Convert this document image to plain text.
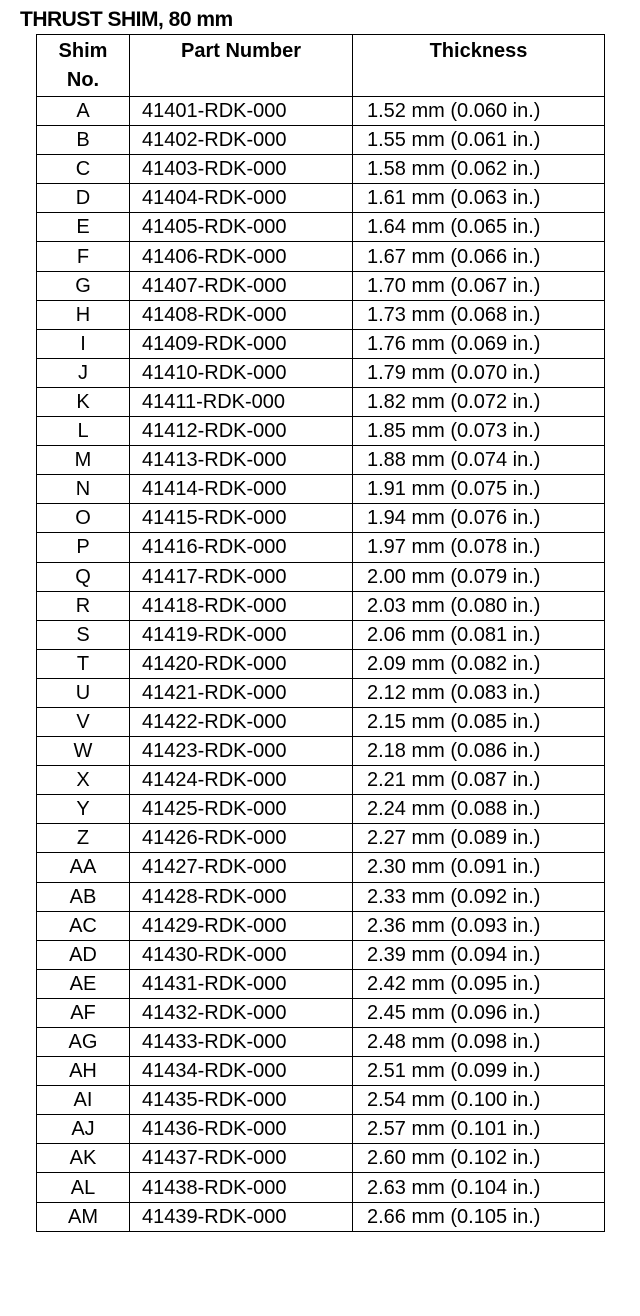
THRUST SHIM, 80 mm
Shim
No.	Part Number	Thickness

A	41401-RDK-000	1.52 mm (0.060 in.)
B	41402-RDK-000	1.55 mm (0.061 in.)
C	41403-RDK-000	1.58 mm (0.062 in.)
D	41404-RDK-000	1.61 mm (0.063 in.)
E	41405-RDK-000	1.64 mm (0.065 in.)
F	41406-RDK-000	1.67 mm (0.066 in.)
G	41407-RDK-000	1.70 mm (0.067 in.)
H	41408-RDK-000	1.73 mm (0.068 in.)
I	41409-RDK-000	1.76 mm (0.069 in.)
J	41410-RDK-000	1.79 mm (0.070 in.)
K	41411-RDK-000	1.82 mm (0.072 in.)
L	41412-RDK-000	1.85 mm (0.073 in.)
M	41413-RDK-000	1.88 mm (0.074 in.)
N	41414-RDK-000	1.91 mm (0.075 in.)
O	41415-RDK-000	1.94 mm (0.076 in.)
P	41416-RDK-000	1.97 mm (0.078 in.)
Q	41417-RDK-000	2.00 mm (0.079 in.)
R	41418-RDK-000	2.03 mm (0.080 in.)
S	41419-RDK-000	2.06 mm (0.081 in.)
T	41420-RDK-000	2.09 mm (0.082 in.)
U	41421-RDK-000	2.12 mm (0.083 in.)
V	41422-RDK-000	2.15 mm (0.085 in.)
W	41423-RDK-000	2.18 mm (0.086 in.)
X	41424-RDK-000	2.21 mm (0.087 in.)
Y	41425-RDK-000	2.24 mm (0.088 in.)
Z	41426-RDK-000	2.27 mm (0.089 in.)
AA	41427-RDK-000	2.30 mm (0.091 in.)
AB	41428-RDK-000	2.33 mm (0.092 in.)
AC	41429-RDK-000	2.36 mm (0.093 in.)
AD	41430-RDK-000	2.39 mm (0.094 in.)
AE	41431-RDK-000	2.42 mm (0.095 in.)
AF	41432-RDK-000	2.45 mm (0.096 in.)
AG	41433-RDK-000	2.48 mm (0.098 in.)
AH	41434-RDK-000	2.51 mm (0.099 in.)
AI	41435-RDK-000	2.54 mm (0.100 in.)
AJ	41436-RDK-000	2.57 mm (0.101 in.)
AK	41437-RDK-000	2.60 mm (0.102 in.)
AL	41438-RDK-000	2.63 mm (0.104 in.)
AM	41439-RDK-000	2.66 mm (0.105 in.)
